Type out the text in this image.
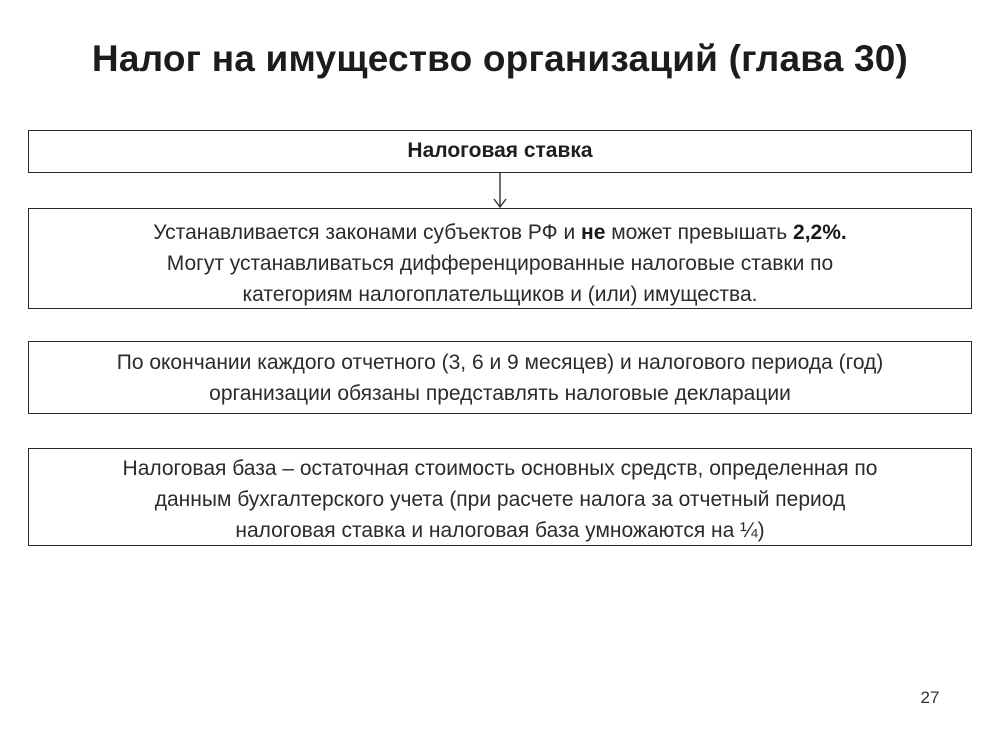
Налог на имущество организаций (глава 30)
Налоговая ставка
Устанавливается законами субъектов РФ и не может превышать 2,2%.
Могут устанавливаться дифференцированные налоговые ставки по
категориям налогоплательщиков и (или) имущества.
По окончании каждого отчетного (3, 6 и 9 месяцев) и налогового периода (год)
организации обязаны представлять налоговые декларации
Налоговая база – остаточная стоимость основных средств, определенная по
данным бухгалтерского учета (при расчете налога за отчетный период
налоговая ставка и налоговая база умножаются на ¼)
27
